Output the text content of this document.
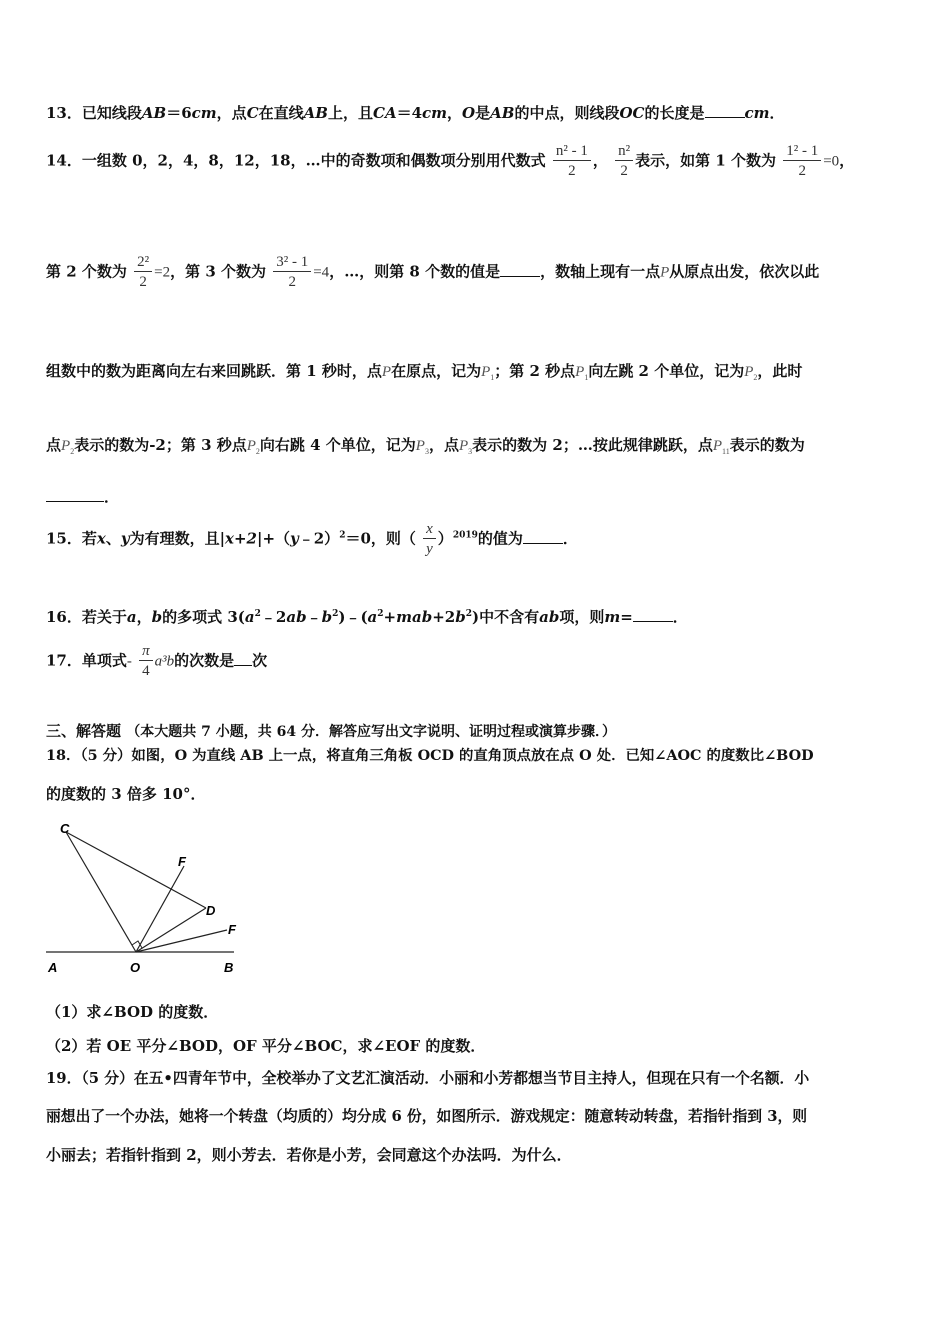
13．已知线段AB＝6cm，点C在直线AB上，且CA＝4cm，O是AB的中点，则线段OC的长度是	cm．
14．一组数 0，2，4，8，12，18，…中的奇数项和偶数项分别用代数式 $\frac{\text{n² - 1}}{2}$ ， $\frac{\text{n²}}{2}$ 表示，如第 1 个数为 $\frac{\text{1² - 1}}{2} =0$，
第 2 个数为 $\frac{\text{2²}}{2} =2$，第 3 个数为 $\frac{\text{3² - 1}}{2} =4$，…，则第 8 个数的值是	，数轴上现有一点P从原点出发，依次以此
组数中的数为距离向左右来回跳跃．第 1 秒时，点P在原点，记为$P_1$；第 2 秒点$P_1$向左跳 2 个单位，记为$P_2$，此时
点$P_2$表示的数为-2；第 3 秒点$P_2$向右跳 4 个单位，记为$P_3$，点$P_3$表示的数为 2；…按此规律跳跃，点$P_{11}$表示的数为
．
15．若x、y为有理数，且|x+2|+（y﹣2）$^2$＝0，则（ $\frac{x}{y} )^{2019}$的值为	．
16．若关于a，b的多项式 $3(a^2﹣2ab﹣b^2)﹣(a^2+mab+2b^2)$中不含有ab项，则m=	．
17．单项式- $\frac{\pi}{4} a^3b$的次数是 次
三、解答题 （本大题共 7 小题，共 64 分．解答应写出文字说明、证明过程或演算步骤．）
18．（5 分）如图，O 为直线 AB 上一点，将直角三角板 OCD 的直角顶点放在点 O 处．已知∠AOC 的度数比∠BOD
的度数的 3 倍多 10°．
C
F
D
F
A	O	B
（1）求∠BOD 的度数．
（2）若 OE 平分∠BOD，OF 平分∠BOC，求∠EOF 的度数．
19．（5 分）在五•四青年节中，全校举办了文艺汇演活动．小丽和小芳都想当节目主持人，但现在只有一个名额．小
丽想出了一个办法，她将一个转盘（均质的）均分成 6 份，如图所示．游戏规定：随意转动转盘，若指针指到 3，则
小丽去；若指针指到 2，则小芳去．若你是小芳，会同意这个办法吗．为什么．
